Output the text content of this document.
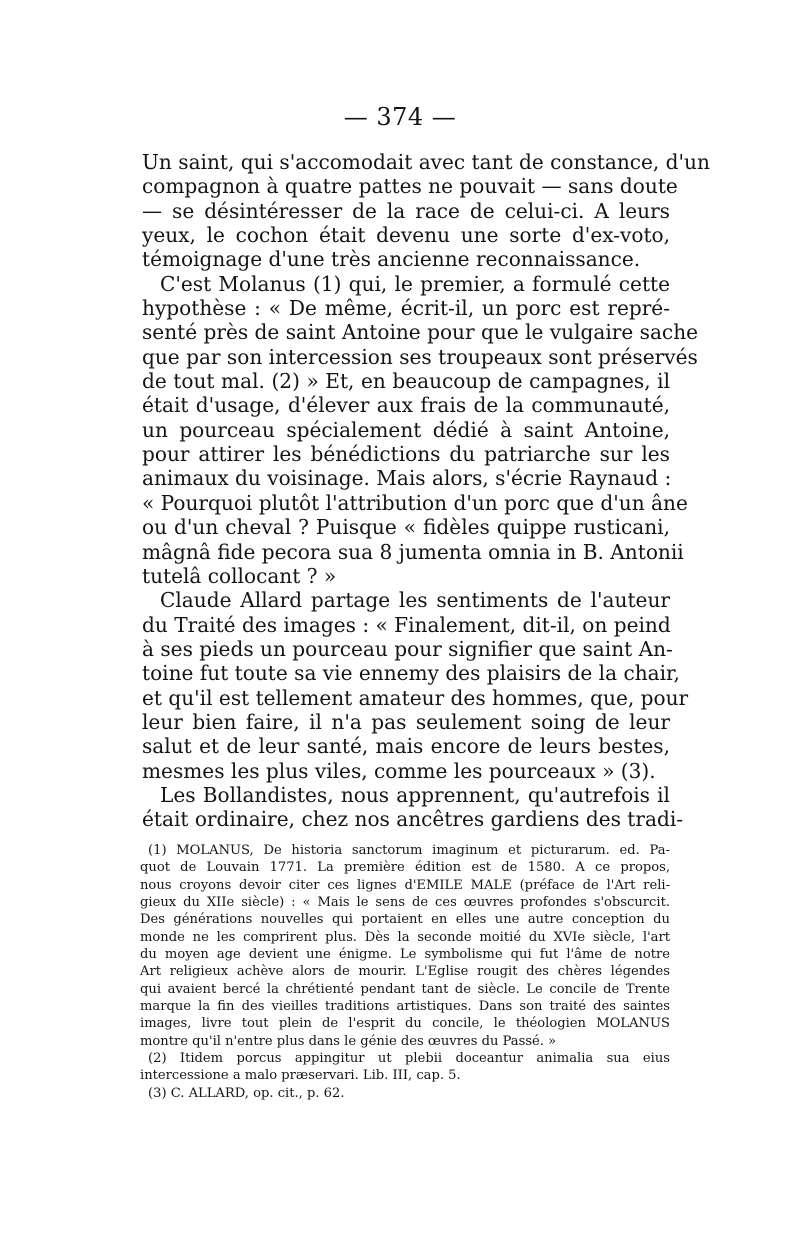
— 374 —
Un saint, qui s'accomodait avec tant de constance, d'un
compagnon à quatre pattes ne pouvait — sans doute
— se désintéresser de la race de celui-ci. A leurs
yeux, le cochon était devenu une sorte d'ex-voto,
témoignage d'une très ancienne reconnaissance.
C'est Molanus (1) qui, le premier, a formulé cette
hypothèse : « De même, écrit-il, un porc est repré-
senté près de saint Antoine pour que le vulgaire sache
que par son intercession ses troupeaux sont préservés
de tout mal. (2) » Et, en beaucoup de campagnes, il
était d'usage, d'élever aux frais de la communauté,
un pourceau spécialement dédié à saint Antoine,
pour attirer les bénédictions du patriarche sur les
animaux du voisinage. Mais alors, s'écrie Raynaud :
« Pourquoi plutôt l'attribution d'un porc que d'un âne
ou d'un cheval ? Puisque « fidèles quippe rusticani,
mâgnâ fide pecora sua 8 jumenta omnia in B. Antonii
tutelâ collocant ? »
Claude Allard partage les sentiments de l'auteur
du Traité des images : « Finalement, dit-il, on peind
à ses pieds un pourceau pour signifier que saint An-
toine fut toute sa vie ennemy des plaisirs de la chair,
et qu'il est tellement amateur des hommes, que, pour
leur bien faire, il n'a pas seulement soing de leur
salut et de leur santé, mais encore de leurs bestes,
mesmes les plus viles, comme les pourceaux » (3).
Les Bollandistes, nous apprennent, qu'autrefois il
était ordinaire, chez nos ancêtres gardiens des tradi-
(1) MOLANUS, De historia sanctorum imaginum et picturarum. ed. Pa-
quot de Louvain 1771. La première édition est de 1580. A ce propos,
nous croyons devoir citer ces lignes d'EMILE MALE (préface de l'Art reli-
gieux du XIIe siècle) : « Mais le sens de ces œuvres profondes s'obscurcit.
Des générations nouvelles qui portaient en elles une autre conception du
monde ne les comprirent plus. Dès la seconde moitié du XVIe siècle, l'art
du moyen age devient une énigme. Le symbolisme qui fut l'âme de notre
Art religieux achève alors de mourir. L'Eglise rougit des chères légendes
qui avaient bercé la chrétienté pendant tant de siècle. Le concile de Trente
marque la fin des vieilles traditions artistiques. Dans son traité des saintes
images, livre tout plein de l'esprit du concile, le théologien MOLANUS
montre qu'il n'entre plus dans le génie des œuvres du Passé. »
(2) Itidem porcus appingitur ut plebii doceantur animalia sua eius
intercessione a malo præservari. Lib. III, cap. 5.
(3) C. ALLARD, op. cit., p. 62.
